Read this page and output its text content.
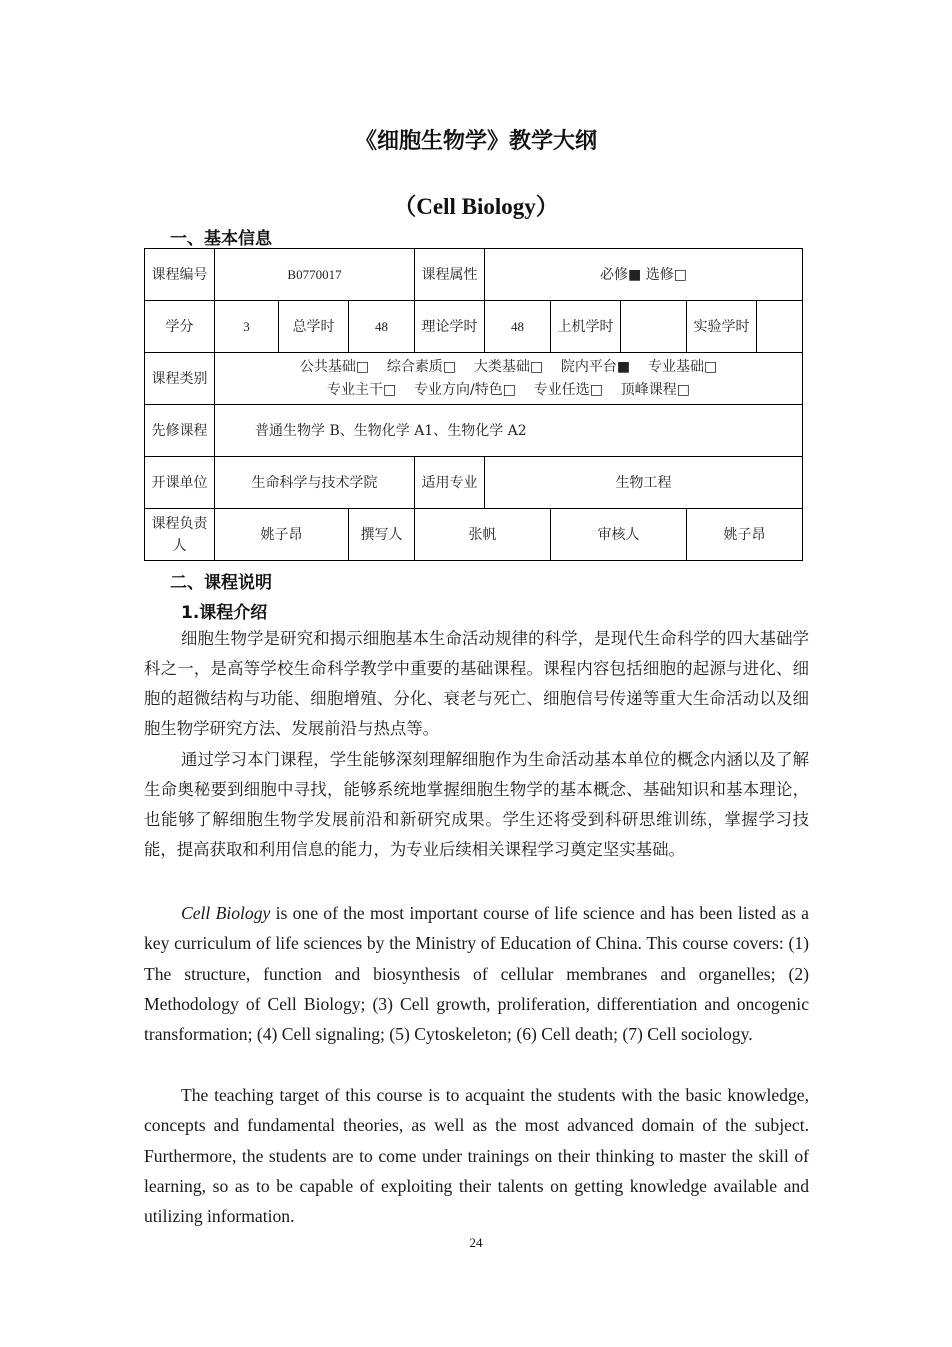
《细胞生物学》教学大纲
（Cell Biology）
一、基本信息
课程编号	B0770017			课程属性	必修■ 选修□				
学分	3	总学时	48	理论学时	48	上机学时		实验学时	
课程类别	公共基础□    综合素质□    大类基础□    院内平台■    专业基础□
专业主干□    专业方向/特色□    专业任选□    顶峰课程□								

先修课程	普通生物学 B、生物化学 A1、生物化学 A2								
开课单位	生命科学与技术学院			适用专业	生物工程				
课程负责人	姚子昂		撰写人	张帆		审核人		姚子昂	
二、课程说明
1.课程介绍

细胞生物学是研究和揭示细胞基本生命活动规律的科学，是现代生命科学的四大基础学科之一，是高等学校生命科学教学中重要的基础课程。课程内容包括细胞的起源与进化、细胞的超微结构与功能、细胞增殖、分化、衰老与死亡、细胞信号传递等重大生命活动以及细胞生物学研究方法、发展前沿与热点等。

通过学习本门课程，学生能够深刻理解细胞作为生命活动基本单位的概念内涵以及了解生命奥秘要到细胞中寻找，能够系统地掌握细胞生物学的基本概念、基础知识和基本理论，也能够了解细胞生物学发展前沿和新研究成果。学生还将受到科研思维训练，掌握学习技能，提高获取和利用信息的能力，为专业后续相关课程学习奠定坚实基础。

Cell Biology is one of the most important course of life science and has been listed as a key curriculum of life sciences by the Ministry of Education of China. This course covers: (1) The structure, function and biosynthesis of cellular membranes and organelles; (2) Methodology of Cell Biology; (3) Cell growth, proliferation, differentiation and oncogenic transformation; (4) Cell signaling; (5) Cytoskeleton; (6) Cell death; (7) Cell sociology.

The teaching target of this course is to acquaint the students with the basic knowledge, concepts and fundamental theories, as well as the most advanced domain of the subject. Furthermore, the students are to come under trainings on their thinking to master the skill of learning, so as to be capable of exploiting their talents on getting knowledge available and utilizing information.

24
